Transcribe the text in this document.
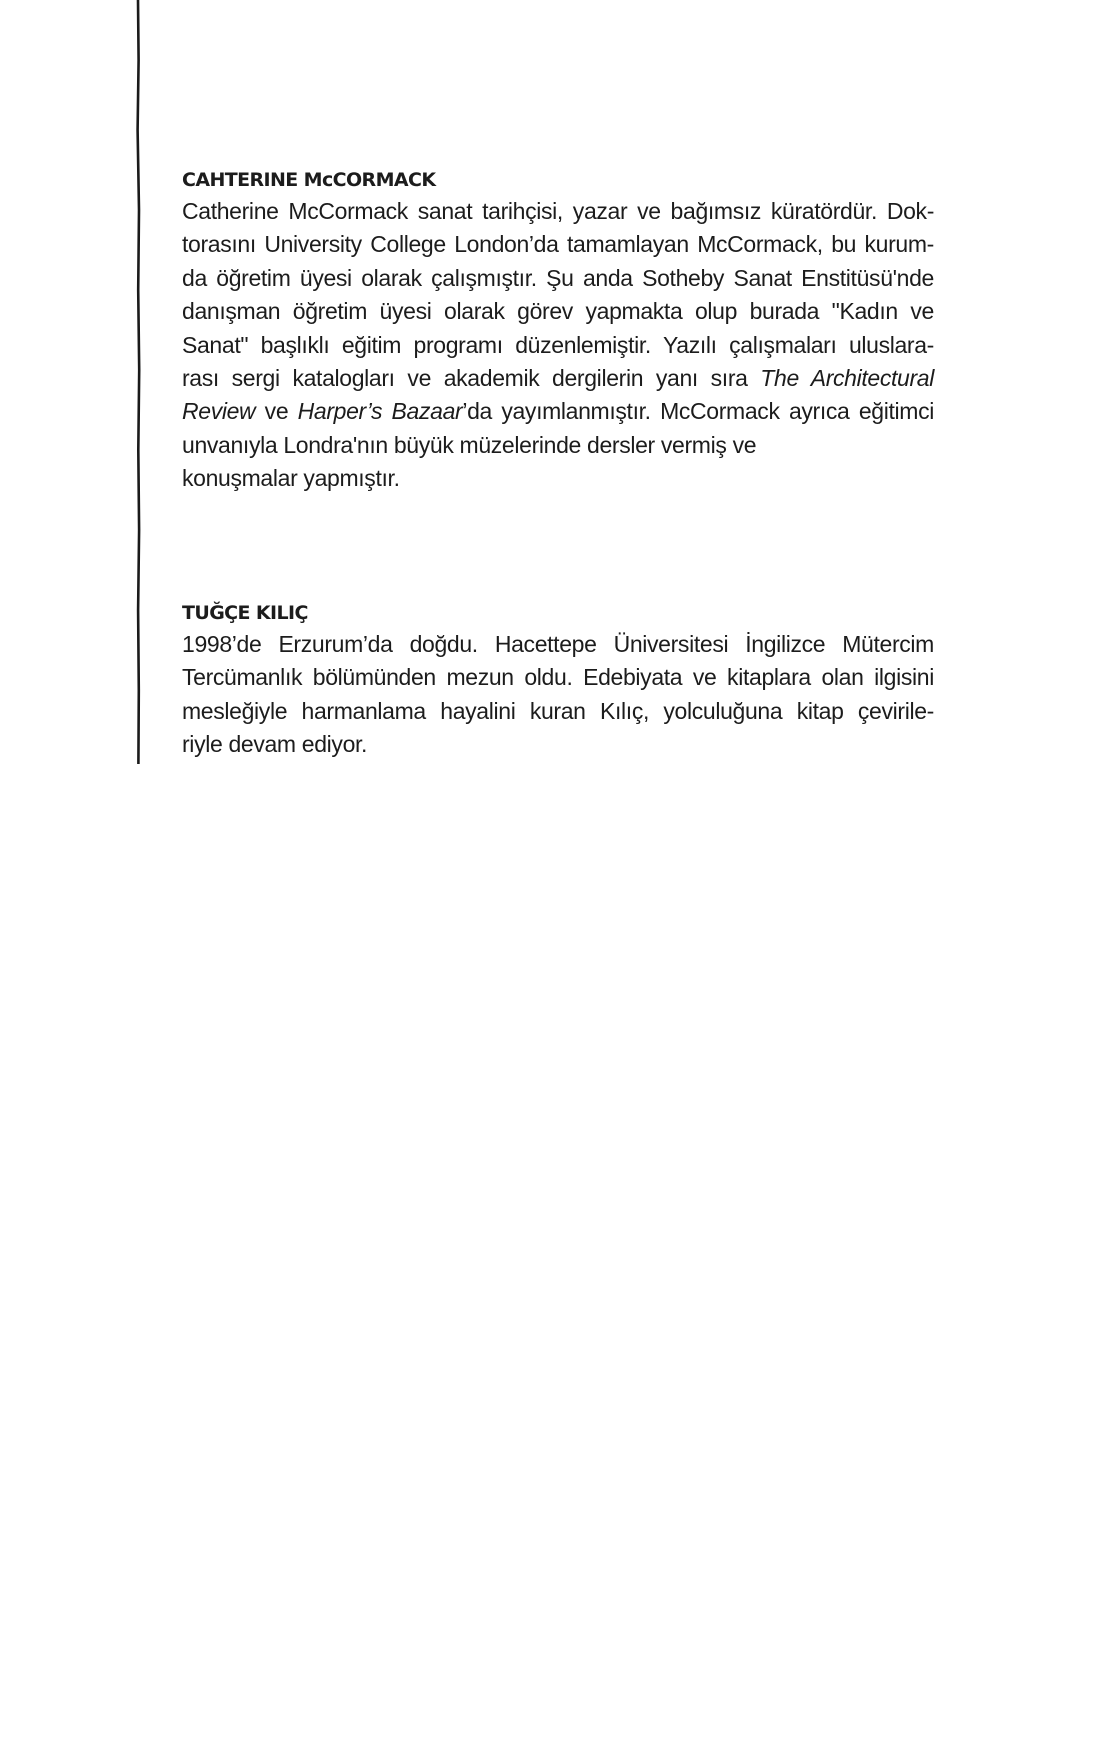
CAHTERINE McCORMACK
Catherine McCormack sanat tarihçisi, yazar ve bağımsız küratördür. Dok-
torasını University College London’da tamamlayan McCormack, bu kurum-
da öğretim üyesi olarak çalışmıştır. Şu anda Sotheby Sanat Enstitüsü'nde
danışman öğretim üyesi olarak görev yapmakta olup burada "Kadın ve
Sanat" başlıklı eğitim programı düzenlemiştir. Yazılı çalışmaları uluslara-
rası sergi katalogları ve akademik dergilerin yanı sıra The Architectural
Review ve Harper’s Bazaar’da yayımlanmıştır. McCormack ayrıca eğitimci
unvanıyla Londra'nın büyük müzelerinde dersler vermiş ve
konuşmalar yapmıştır.
TUĞÇE KILIÇ
1998’de Erzurum’da doğdu. Hacettepe Üniversitesi İngilizce Mütercim
Tercümanlık bölümünden mezun oldu. Edebiyata ve kitaplara olan ilgisini
mesleğiyle harmanlama hayalini kuran Kılıç, yolculuğuna kitap çevirile-
riyle devam ediyor.
